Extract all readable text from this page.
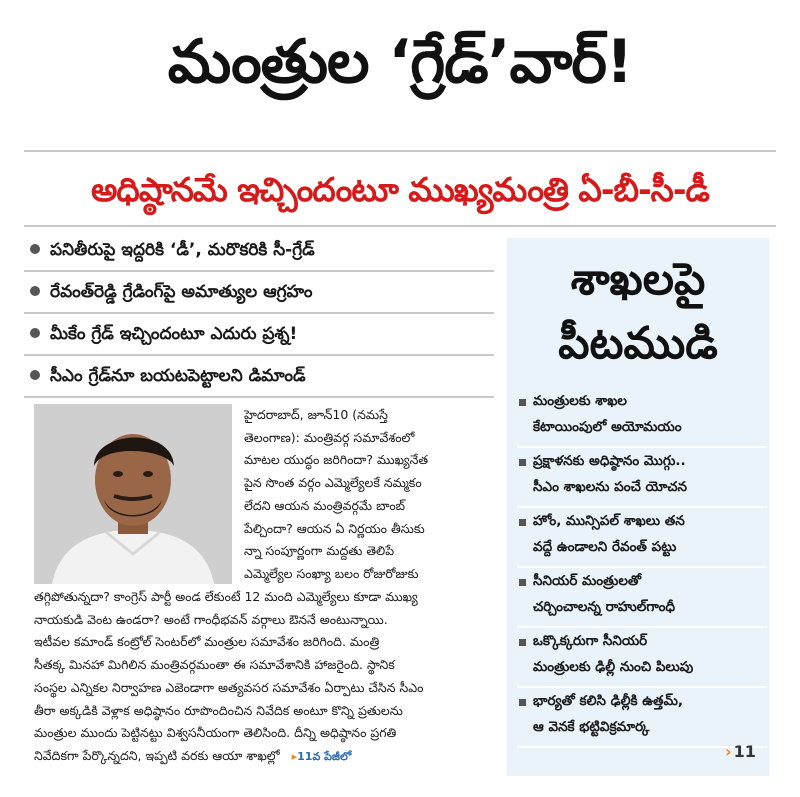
మంత్రుల ‘గ్రేడ్’వార్!
అధిష్ఠానమే ఇచ్చిందంటూ ముఖ్యమంత్రి ఏ-బీ-సీ-డీ
పనితీరుపై ఇద్దరికి ‘డీ’, మరొకరికి సీ-గ్రేడ్
రేవంత్‌రెడ్డి గ్రేడింగ్‌పై అమాత్యుల ఆగ్రహం
మీకేం గ్రేడ్ ఇచ్చిందంటూ ఎదురు ప్రశ్న!
సీఎం గ్రేడ్‌నూ బయటపెట్టాలని డిమాండ్
హైదరాబాద్, జూన్10 (నమస్తే
తెలంగాణ): మంత్రివర్గ సమావేశంలో
మాటల యుద్ధం జరిగిందా? ముఖ్యనేత
పైన సొంత వర్గం ఎమ్మెల్యేలకే నమ్మకం
లేదని ఆయన మంత్రివర్గమే బాంబ్
పేల్చిందా? ఆయన ఏ నిర్ణయం తీసుకు
న్నా సంపూర్ణంగా మద్దతు తెలిపే
ఎమ్మెల్యేల సంఖ్యా బలం రోజురోజుకు
తగ్గిపోతున్నదా? కాంగ్రెస్ పార్టీ అండ లేకుంటే 12 మంది ఎమ్మెల్యేలు కూడా ముఖ్య
నాయకుడి వెంట ఉండరా? అంటే గాంధీభవన్ వర్గాలు ఔననే అంటున్నాయి.
ఇటీవల కమాండ్ కంట్రోల్ సెంటర్‌లో మంత్రుల సమావేశం జరిగింది. మంత్రి
సీతక్క మినహా మిగిలిన మంత్రివర్గమంతా ఈ సమావేశానికి హాజరైంది. స్థానిక
సంస్థల ఎన్నికల నిర్వాహణ ఎజెండాగా అత్యవసర సమావేశం ఏర్పాటు చేసిన సీఎం
తీరా అక్కడికి వెళ్లాక అధిష్ఠానం రూపొందించిన నివేదిక అంటూ కొన్ని ప్రతులను
మంత్రుల ముందు పెట్టినట్టు విశ్వసనీయంగా తెలిసింది. దీన్ని అధిష్ఠానం ప్రగతి
నివేదికగా పేర్కొన్నదని, ఇప్పటి వరకు ఆయా శాఖల్లో ▸11వ పేజీలో
శాఖలపై
పీటముడి
మంత్రులకు శాఖల
కేటాయింపులో అయోమయం
ప్రక్షాళనకు అధిష్ఠానం మొగ్గు..
సీఎం శాఖలను పంచే యోచన
హోం, మున్సిపల్ శాఖలు తన
వద్దే ఉండాలని రేవంత్ పట్టు
సీనియర్ మంత్రులతో
చర్చించాలన్న రాహుల్‌గాంధీ
ఒక్కొక్కరుగా సీనియర్
మంత్రులకు ఢిల్లీ నుంచి పిలుపు
భార్యతో కలిసి ఢిల్లీకి ఉత్తమ్,
ఆ వెనకే భట్టివిక్రమార్క
› 11
